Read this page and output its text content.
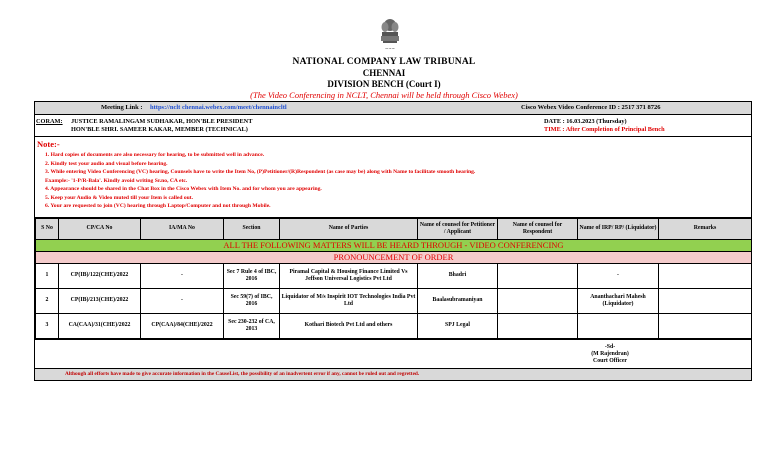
~~~
NATIONAL COMPANY LAW TRIBUNAL
CHENNAI
DIVISION BENCH (Court I)
(The Video Conferencing in NCLT, Chennai will be held through Cisco Webex)
Meeting Link : https://nclt chennai.webex.com/meet/chennaincltl	Cisco Webex Video Conference ID : 2517 371 8726
CORAM: JUSTICE RAMALINGAM SUDHAKAR, HON'BLE PRESIDENT
HON'BLE SHRI. SAMEER KAKAR, MEMBER (TECHNICAL)
DATE : 16.03.2023 (Thursday)
TIME : After Completion of Principal Bench
Note:-
1. Hard copies of documents are also necessary for hearing, to be submitted well in advance.
2. Kindly test your audio and visual before hearing.
3. While entering Video Conferencing (VC) hearing, Counsels have to write the Item No, (P)Petitioner/(R)Respondent (as case may be) along with Name to facilitate smooth hearing.
Example:- '1-P/R-Bala'. Kindly avoid writing Sr.no, CA etc.
4. Appearance should be shared in the Chat Box in the Cisco Webex with Item No. and for whom you are appearing.
5. Keep your Audio & Video muted till your Item is called out.
6. Your are requested to join (VC) hearing through Laptop/Computer and not through Mobile.
S No	CP/CA No	IA/MA No	Section	Name of Parties	Name of counsel for Petitioner / Applicant	Name of counsel for Respondent	Name of IRP/ RP/ (Liquidator)	Remarks
ALL THE FOLLOWING MATTERS WILL BE HEARD THROUGH - VIDEO CONFERENCING								
PRONOUNCEMENT OF ORDER								
1	CP(IB)/122(CHE)/2022	-	Sec 7 Rule 4 of IBC, 2016	Piramal Capital & Housing Finance Limited Vs Jeffson Universal Logistics Pvt Ltd	Bhadri		-	
2	CP(IB)/213(CHE)/2022	-	Sec 59(7) of IBC, 2016	Liquidator of M/s Inspirit IOT Technologies India Pvt Ltd	Baalasubramaniyan		Ananthachari Mahesh (Liquidator)	
3	CA(CAA)/31(CHE)/2022	CP(CAA)/84(CHE)/2022	Sec 230-232 of CA, 2013	Kothari Biotech Pvt Ltd and others	SPJ Legal			
-Sd-
(M Rajendran)
Court Officer
Although all efforts have made to give accurate information in the CauseList, the possibility of an inadvertent error if any, cannot be ruled out and regretted.
